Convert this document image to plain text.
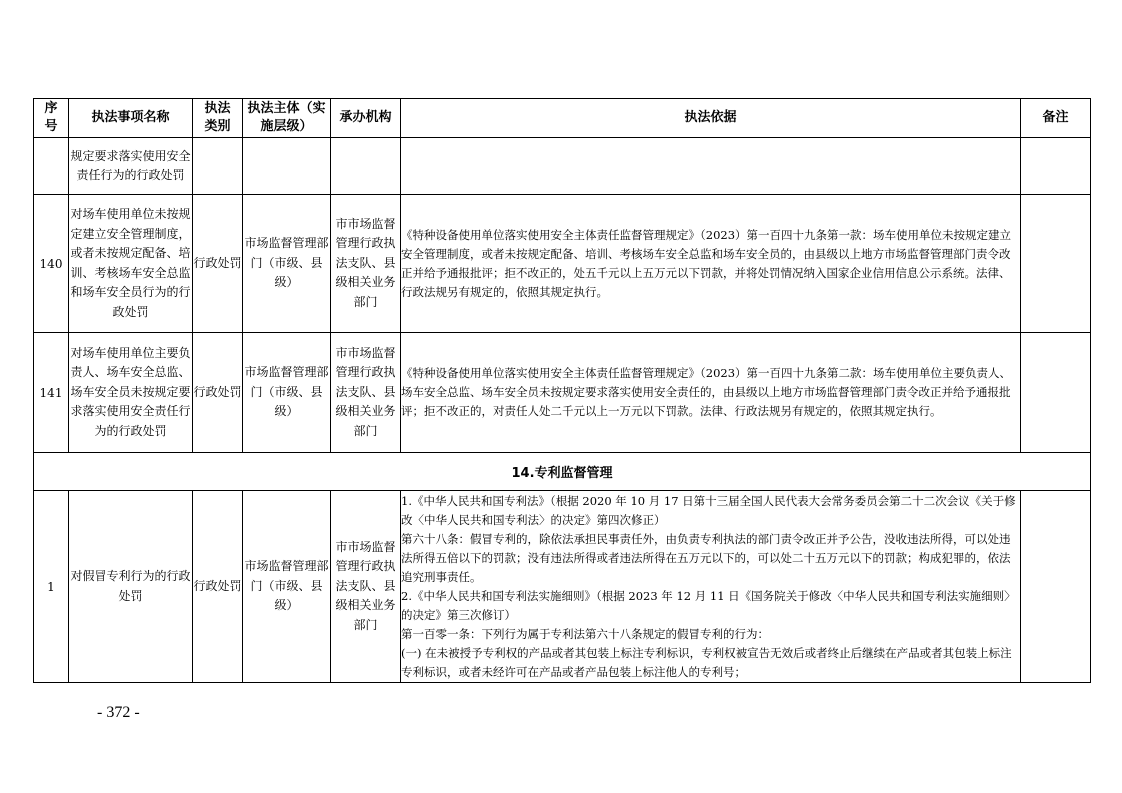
序号	执法事项名称	执法类别	执法主体（实施层级）	承办机构	执法依据	备注
	规定要求落实使用安全责任行为的行政处罚					
140	对场车使用单位未按规定建立安全管理制度，或者未按规定配备、培训、考核场车安全总监和场车安全员行为的行政处罚	行政处罚	市场监督管理部门（市级、县级）	市市场监督管理行政执法支队、县级相关业务部门	《特种设备使用单位落实使用安全主体责任监督管理规定》（2023）第一百四十九条第一款：场车使用单位未按规定建立安全管理制度，或者未按规定配备、培训、考核场车安全总监和场车安全员的，由县级以上地方市场监督管理部门责令改正并给予通报批评；拒不改正的，处五千元以上五万元以下罚款，并将处罚情况纳入国家企业信用信息公示系统。法律、行政法规另有规定的，依照其规定执行。	
141	对场车使用单位主要负责人、场车安全总监、场车安全员未按规定要求落实使用安全责任行为的行政处罚	行政处罚	市场监督管理部门（市级、县级）	市市场监督管理行政执法支队、县级相关业务部门	《特种设备使用单位落实使用安全主体责任监督管理规定》（2023）第一百四十九条第二款：场车使用单位主要负责人、场车安全总监、场车安全员未按规定要求落实使用安全责任的，由县级以上地方市场监督管理部门责令改正并给予通报批评；拒不改正的，对责任人处二千元以上一万元以下罚款。法律、行政法规另有规定的，依照其规定执行。	
14.专利监督管理						
1	对假冒专利行为的行政处罚	行政处罚	市场监督管理部门（市级、县级）	市市场监督管理行政执法支队、县级相关业务部门	1.《中华人民共和国专利法》（根据 2020 年 10 月 17 日第十三届全国人民代表大会常务委员会第二十二次会议《关于修改〈中华人民共和国专利法〉的决定》第四次修正）

第六十八条：假冒专利的，除依法承担民事责任外，由负责专利执法的部门责令改正并予公告，没收违法所得，可以处违法所得五倍以下的罚款；没有违法所得或者违法所得在五万元以下的，可以处二十五万元以下的罚款；构成犯罪的，依法追究刑事责任。

2.《中华人民共和国专利法实施细则》（根据 2023 年 12 月 11 日《国务院关于修改〈中华人民共和国专利法实施细则〉的决定》第三次修订）

第一百零一条：下列行为属于专利法第六十八条规定的假冒专利的行为：

(一) 在未被授予专利权的产品或者其包装上标注专利标识，专利权被宣告无效后或者终止后继续在产品或者其包装上标注专利标识，或者未经许可在产品或者产品包装上标注他人的专利号；	

- 372 -
